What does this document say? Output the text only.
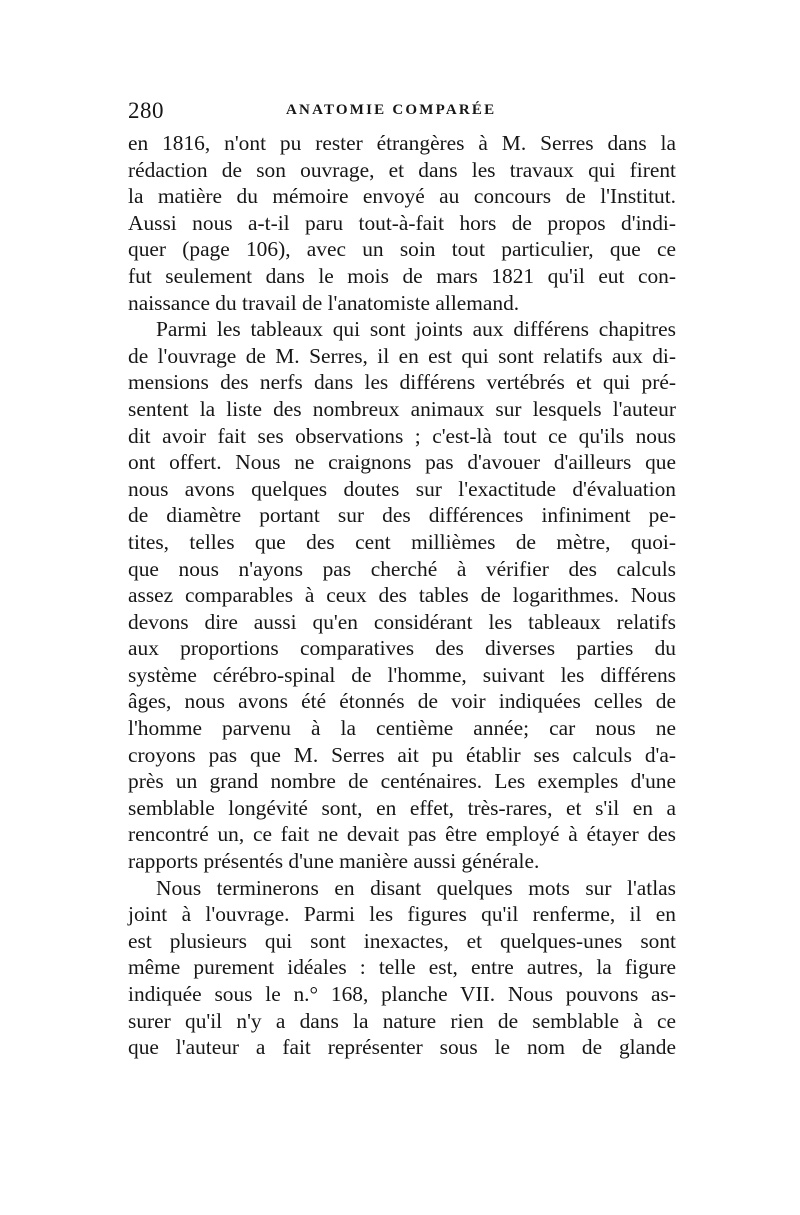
280	ANATOMIE COMPARÉE
en 1816, n'ont pu rester étrangères à M. Serres dans la
rédaction de son ouvrage, et dans les travaux qui firent
la matière du mémoire envoyé au concours de l'Institut.
Aussi nous a-t-il paru tout-à-fait hors de propos d'indi-
quer (page 106), avec un soin tout particulier, que ce
fut seulement dans le mois de mars 1821 qu'il eut con-
naissance du travail de l'anatomiste allemand.
Parmi les tableaux qui sont joints aux différens chapitres
de l'ouvrage de M. Serres, il en est qui sont relatifs aux di-
mensions des nerfs dans les différens vertébrés et qui pré-
sentent la liste des nombreux animaux sur lesquels l'auteur
dit avoir fait ses observations ; c'est-là tout ce qu'ils nous
ont offert. Nous ne craignons pas d'avouer d'ailleurs que
nous avons quelques doutes sur l'exactitude d'évaluation
de diamètre portant sur des différences infiniment pe-
tites, telles que des cent millièmes de mètre, quoi-
que nous n'ayons pas cherché à vérifier des calculs
assez comparables à ceux des tables de logarithmes. Nous
devons dire aussi qu'en considérant les tableaux relatifs
aux proportions comparatives des diverses parties du
système cérébro-spinal de l'homme, suivant les différens
âges, nous avons été étonnés de voir indiquées celles de
l'homme parvenu à la centième année; car nous ne
croyons pas que M. Serres ait pu établir ses calculs d'a-
près un grand nombre de centénaires. Les exemples d'une
semblable longévité sont, en effet, très-rares, et s'il en a
rencontré un, ce fait ne devait pas être employé à étayer des
rapports présentés d'une manière aussi générale.
Nous terminerons en disant quelques mots sur l'atlas
joint à l'ouvrage. Parmi les figures qu'il renferme, il en
est plusieurs qui sont inexactes, et quelques-unes sont
même purement idéales : telle est, entre autres, la figure
indiquée sous le n.° 168, planche VII. Nous pouvons as-
surer qu'il n'y a dans la nature rien de semblable à ce
que l'auteur a fait représenter sous le nom de glande
